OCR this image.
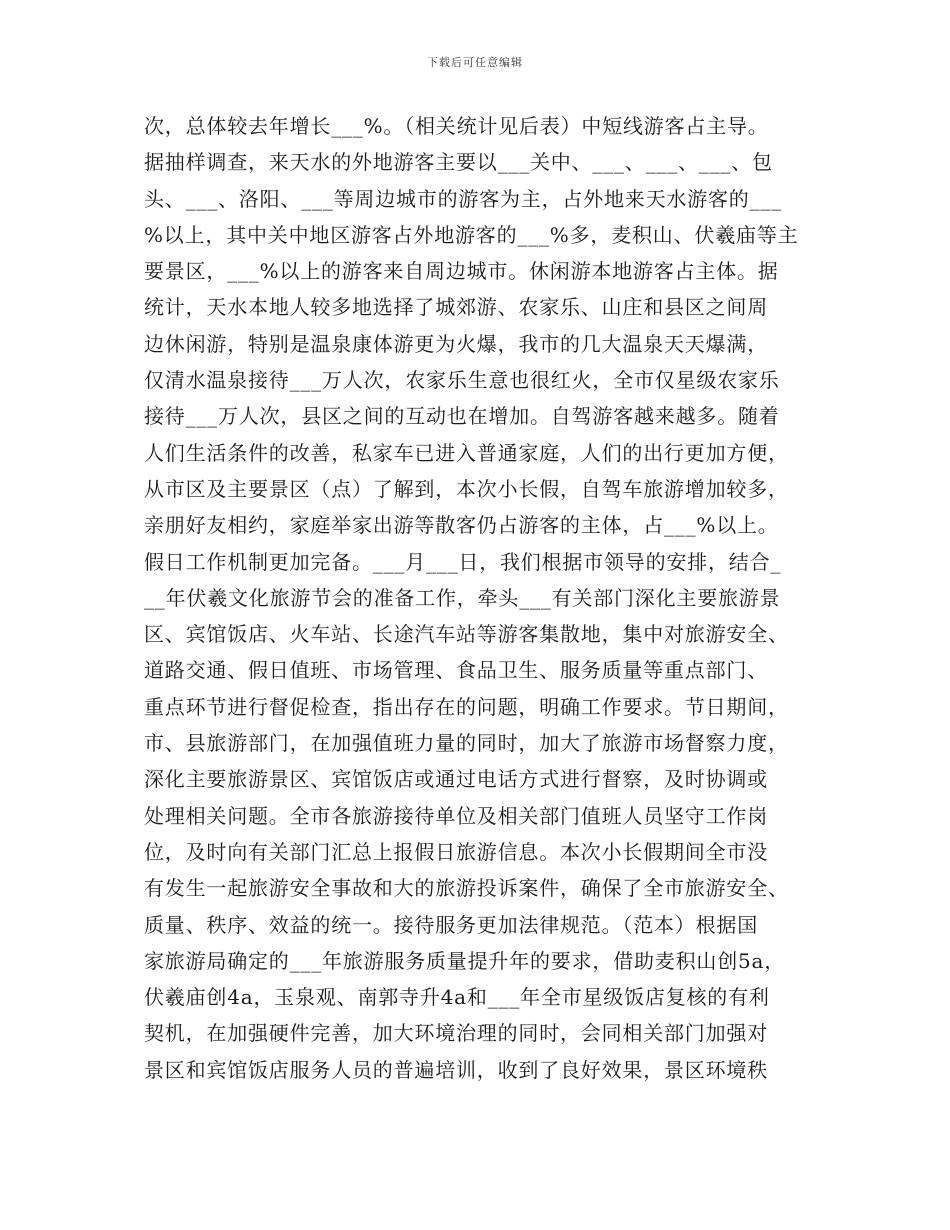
下载后可任意编辑
次，总体较去年增长___%。（相关统计见后表）中短线游客占主导。
据抽样调查，来天水的外地游客主要以___关中、___、___、___、包
头、___、洛阳、___等周边城市的游客为主，占外地来天水游客的___
%以上，其中关中地区游客占外地游客的___%多，麦积山、伏羲庙等主
要景区，___%以上的游客来自周边城市。休闲游本地游客占主体。据
统计，天水本地人较多地选择了城郊游、农家乐、山庄和县区之间周
边休闲游，特别是温泉康体游更为火爆，我市的几大温泉天天爆满，
仅清水温泉接待___万人次，农家乐生意也很红火，全市仅星级农家乐
接待___万人次，县区之间的互动也在增加。自驾游客越来越多。随着
人们生活条件的改善，私家车已进入普通家庭，人们的出行更加方便，
从市区及主要景区（点）了解到，本次小长假，自驾车旅游增加较多，
亲朋好友相约，家庭举家出游等散客仍占游客的主体，占___%以上。
假日工作机制更加完备。___月___日，我们根据市领导的安排，结合_
__年伏羲文化旅游节会的准备工作，牵头___有关部门深化主要旅游景
区、宾馆饭店、火车站、长途汽车站等游客集散地，集中对旅游安全、
道路交通、假日值班、市场管理、食品卫生、服务质量等重点部门、
重点环节进行督促检查，指出存在的问题，明确工作要求。节日期间，
市、县旅游部门，在加强值班力量的同时，加大了旅游市场督察力度，
深化主要旅游景区、宾馆饭店或通过电话方式进行督察，及时协调或
处理相关问题。全市各旅游接待单位及相关部门值班人员坚守工作岗
位，及时向有关部门汇总上报假日旅游信息。本次小长假期间全市没
有发生一起旅游安全事故和大的旅游投诉案件，确保了全市旅游安全、
质量、秩序、效益的统一。接待服务更加法律规范。（范本）根据国
家旅游局确定的___年旅游服务质量提升年的要求，借助麦积山创5a，
伏羲庙创4a，玉泉观、南郭寺升4a和___年全市星级饭店复核的有利
契机，在加强硬件完善，加大环境治理的同时，会同相关部门加强对
景区和宾馆饭店服务人员的普遍培训，收到了良好效果，景区环境秩
